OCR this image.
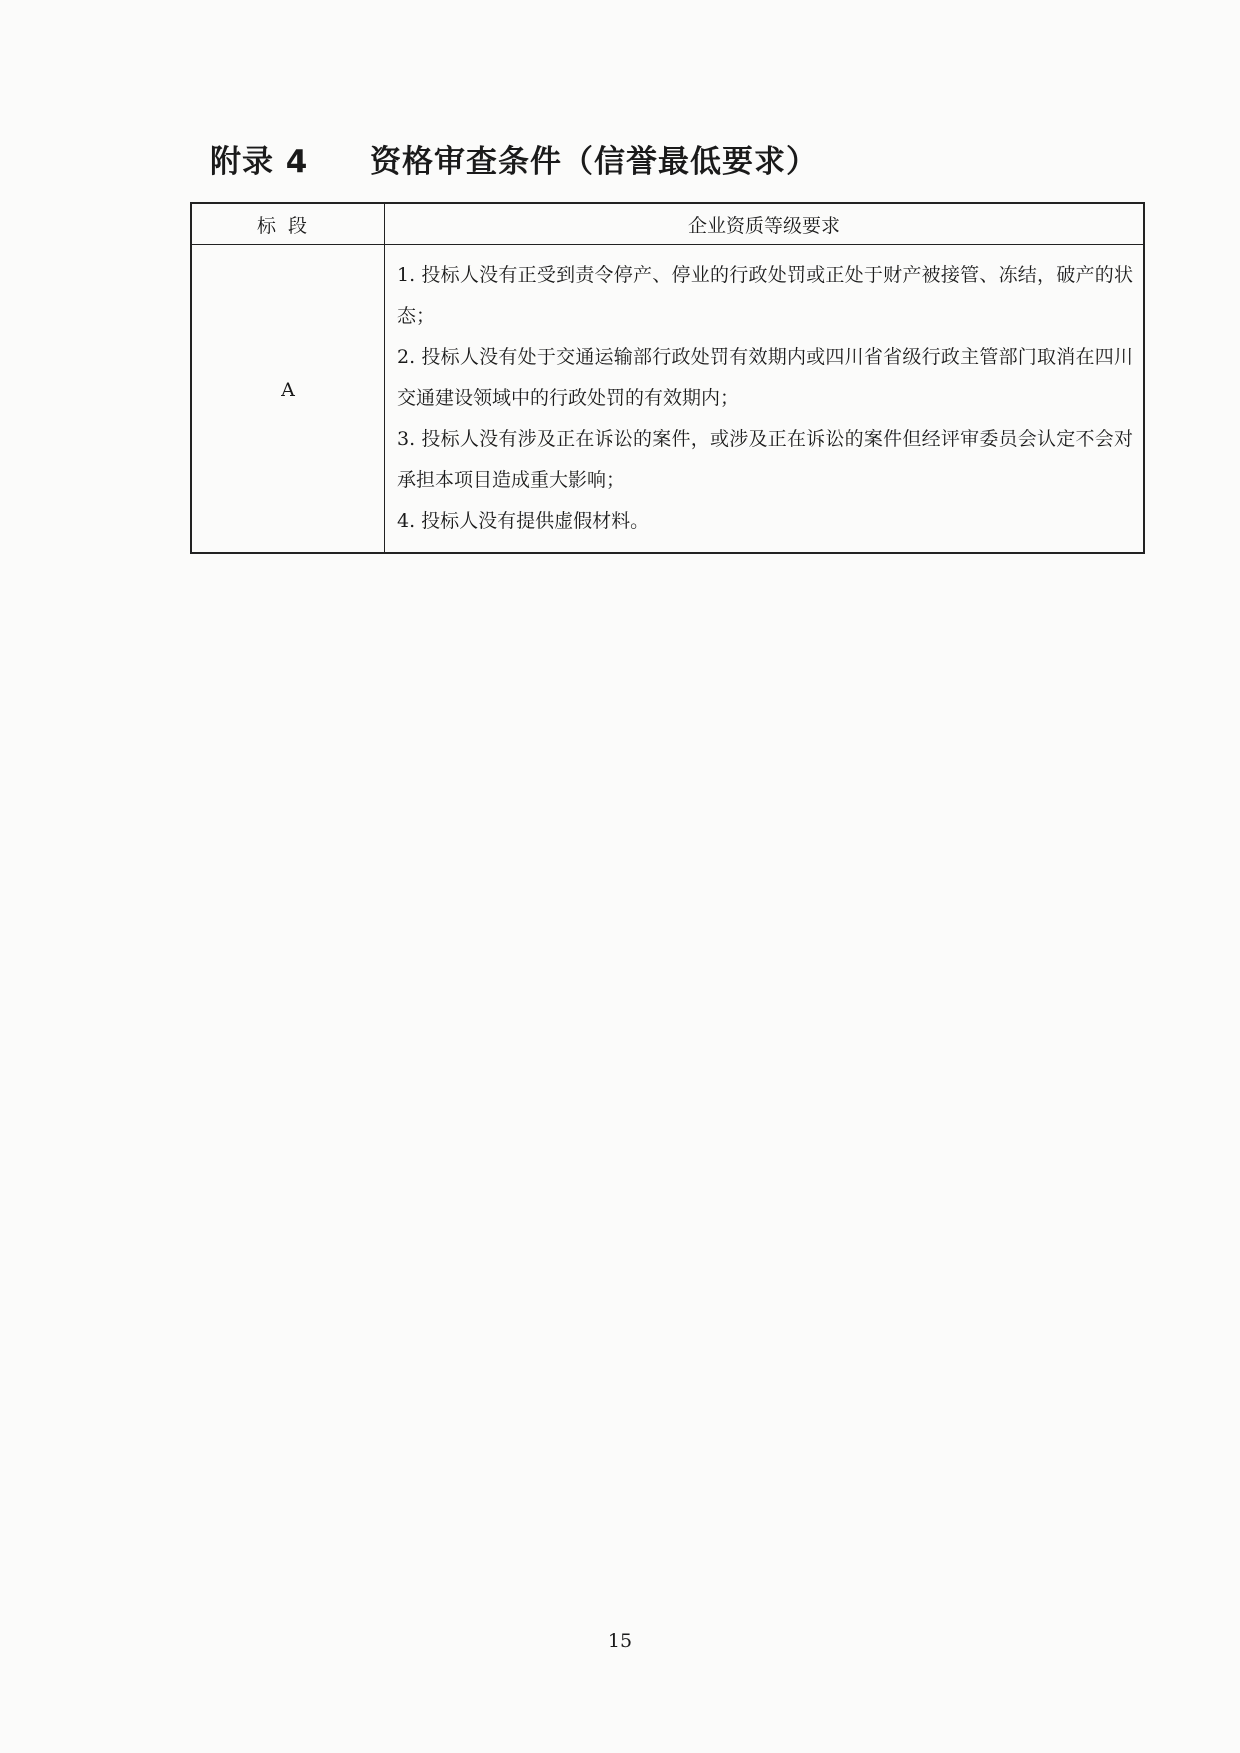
附录 4 资格审查条件（信誉最低要求）
标段	企业资质等级要求
A	1. 投标人没有正受到责令停产、停业的行政处罚或正处于财产被接管、冻结，破产的状态；
2. 投标人没有处于交通运输部行政处罚有效期内或四川省省级行政主管部门取消在四川交通建设领域中的行政处罚的有效期内；
3. 投标人没有涉及正在诉讼的案件，或涉及正在诉讼的案件但经评审委员会认定不会对承担本项目造成重大影响；
4. 投标人没有提供虚假材料。
15
